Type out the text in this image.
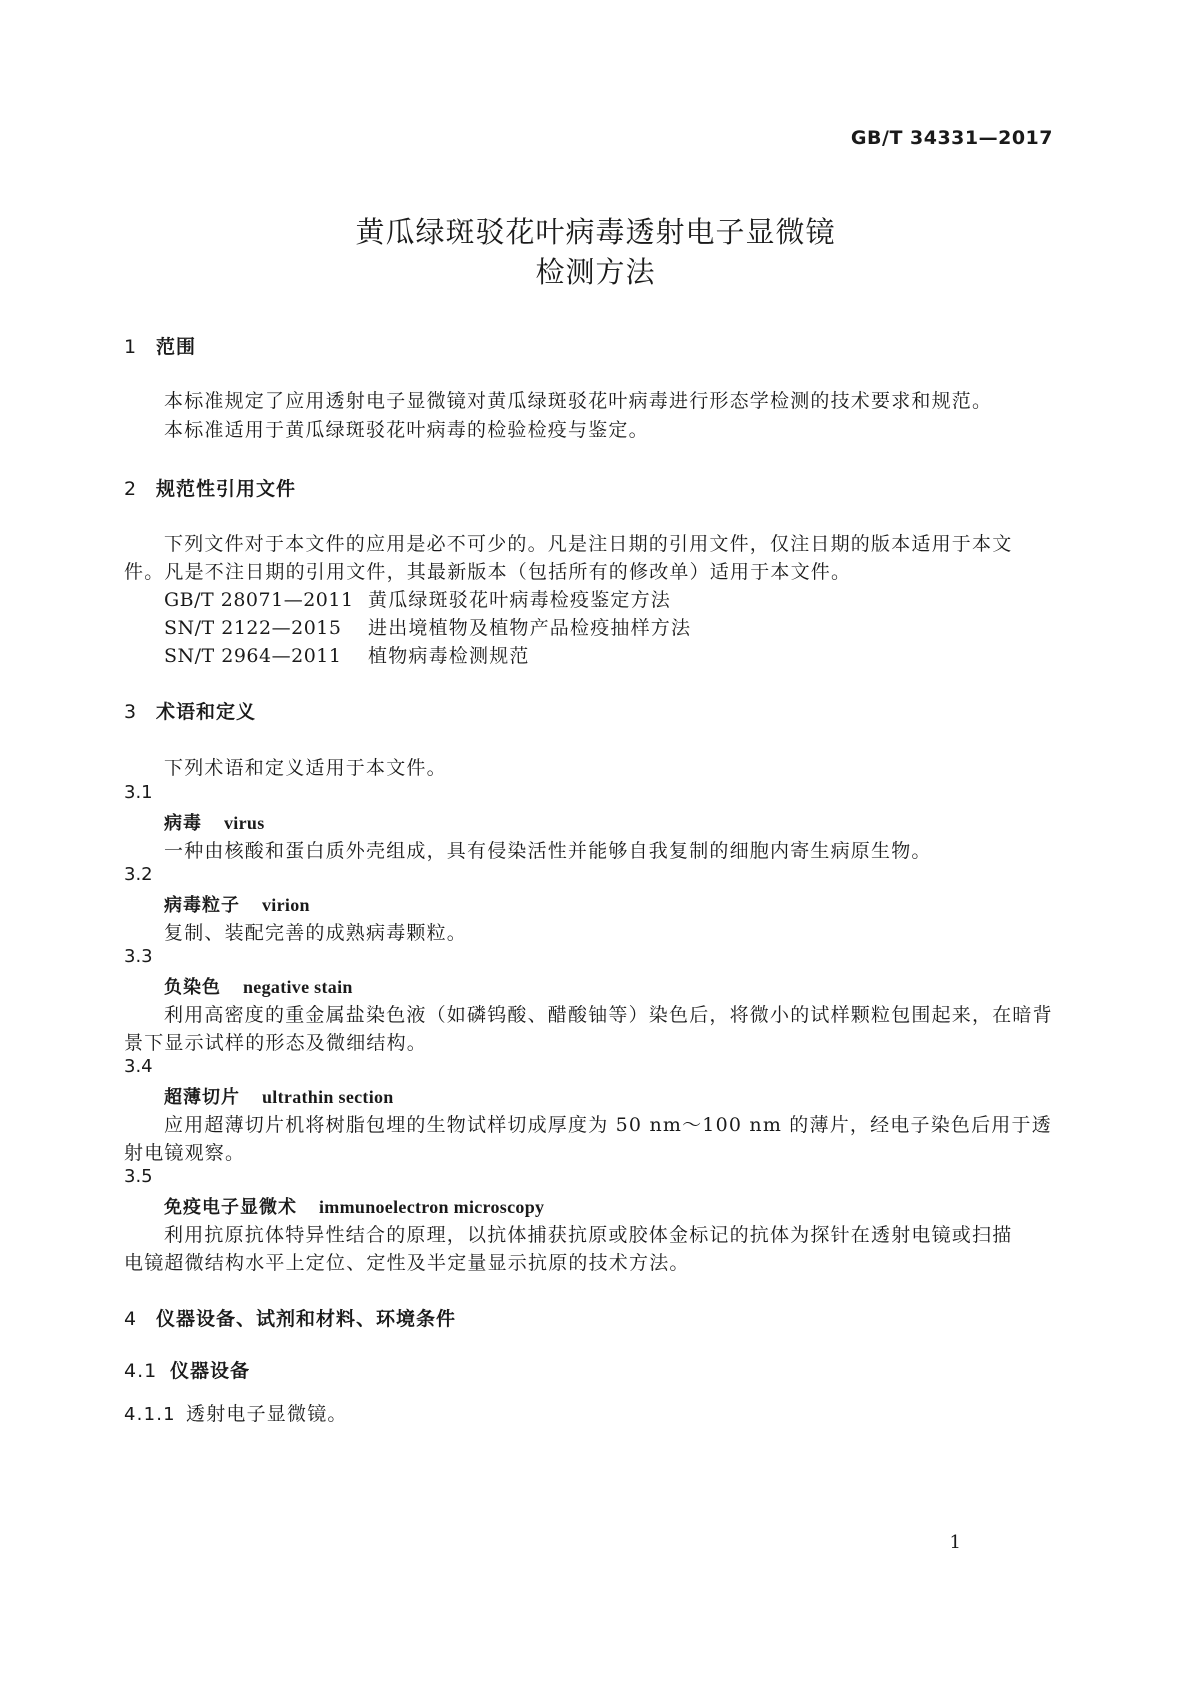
GB/T 34331—2017
黄瓜绿斑驳花叶病毒透射电子显微镜
检测方法
1 范围
本标准规定了应用透射电子显微镜对黄瓜绿斑驳花叶病毒进行形态学检测的技术要求和规范。
本标准适用于黄瓜绿斑驳花叶病毒的检验检疫与鉴定。
2 规范性引用文件
下列文件对于本文件的应用是必不可少的。凡是注日期的引用文件，仅注日期的版本适用于本文
件。凡是不注日期的引用文件，其最新版本（包括所有的修改单）适用于本文件。
GB/T 28071—2011 黄瓜绿斑驳花叶病毒检疫鉴定方法
SN/T 2122—2015 进出境植物及植物产品检疫抽样方法
SN/T 2964—2011 植物病毒检测规范
3 术语和定义
下列术语和定义适用于本文件。
3.1
病毒 virus
一种由核酸和蛋白质外壳组成，具有侵染活性并能够自我复制的细胞内寄生病原生物。
3.2
病毒粒子 virion
复制、装配完善的成熟病毒颗粒。
3.3
负染色 negative stain
利用高密度的重金属盐染色液（如磷钨酸、醋酸铀等）染色后，将微小的试样颗粒包围起来，在暗背
景下显示试样的形态及微细结构。
3.4
超薄切片 ultrathin section
应用超薄切片机将树脂包埋的生物试样切成厚度为 50 nm～100 nm 的薄片，经电子染色后用于透
射电镜观察。
3.5
免疫电子显微术 immunoelectron microscopy
利用抗原抗体特异性结合的原理，以抗体捕获抗原或胶体金标记的抗体为探针在透射电镜或扫描
电镜超微结构水平上定位、定性及半定量显示抗原的技术方法。
4 仪器设备、试剂和材料、环境条件
4.1 仪器设备
4.1.1 透射电子显微镜。
1
